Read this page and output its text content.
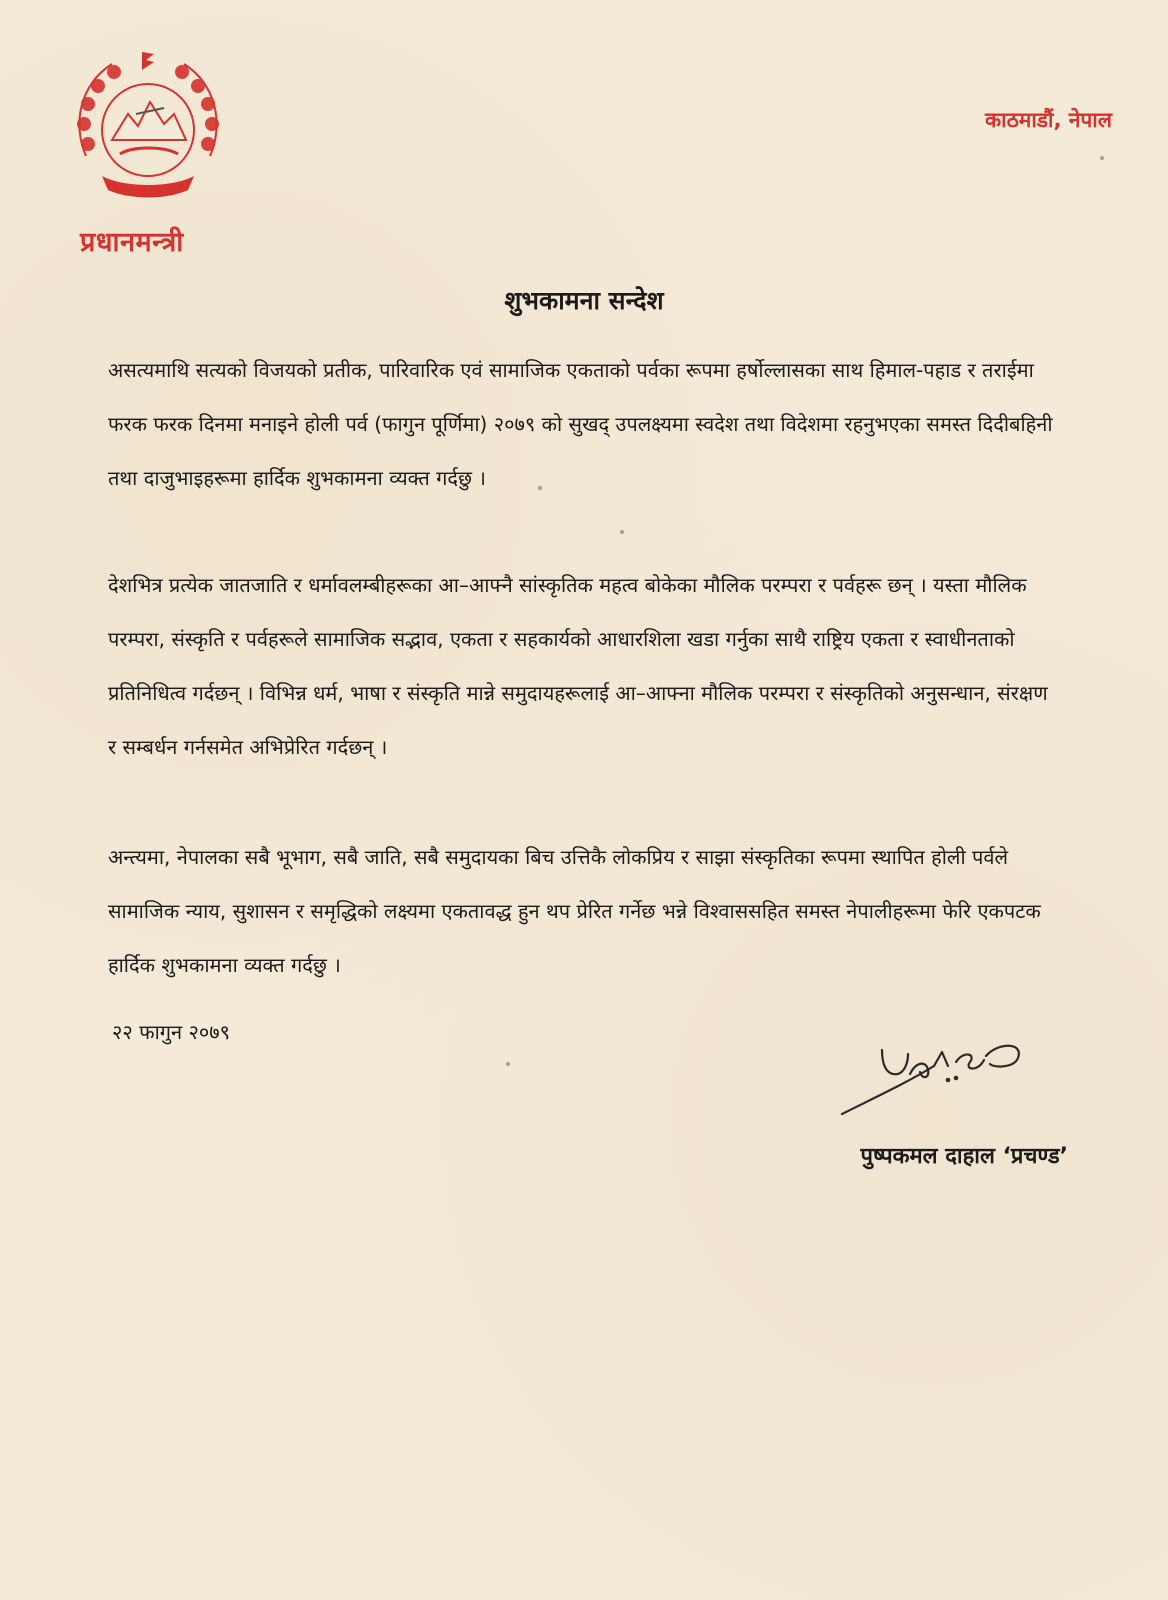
प्रधानमन्त्री
काठमाडौं, नेपाल
शुभकामना सन्देश
असत्यमाथि सत्यको विजयको प्रतीक, पारिवारिक एवं सामाजिक एकताको पर्वका रूपमा हर्षोल्लासका साथ हिमाल-पहाड र तराईमा फरक फरक दिनमा मनाइने होली पर्व (फागुन पूर्णिमा) २०७९ को सुखद् उपलक्ष्यमा स्वदेश तथा विदेशमा रहनुभएका समस्त दिदीबहिनी तथा दाजुभाइहरूमा हार्दिक शुभकामना व्यक्त गर्दछु ।
देशभित्र प्रत्येक जातजाति र धर्मावलम्बीहरूका आ–आफ्नै सांस्कृतिक महत्व बोकेका मौलिक परम्परा र पर्वहरू छन् । यस्ता मौलिक परम्परा, संस्कृति र पर्वहरूले सामाजिक सद्भाव, एकता र सहकार्यको आधारशिला खडा गर्नुका साथै राष्ट्रिय एकता र स्वाधीनताको प्रतिनिधित्व गर्दछन् । विभिन्न धर्म, भाषा र संस्कृति मान्ने समुदायहरूलाई आ–आफ्ना मौलिक परम्परा र संस्कृतिको अनुसन्धान, संरक्षण र सम्बर्धन गर्नसमेत अभिप्रेरित गर्दछन् ।
अन्त्यमा, नेपालका सबै भूभाग, सबै जाति, सबै समुदायका बिच उत्तिकै लोकप्रिय र साझा संस्कृतिका रूपमा स्थापित होली पर्वले सामाजिक न्याय, सुशासन र समृद्धिको लक्ष्यमा एकतावद्ध हुन थप प्रेरित गर्नेछ भन्ने विश्वाससहित समस्त नेपालीहरूमा फेरि एकपटक हार्दिक शुभकामना व्यक्त गर्दछु ।
२२ फागुन २०७९
पुष्पकमल दाहाल ‘प्रचण्ड’
